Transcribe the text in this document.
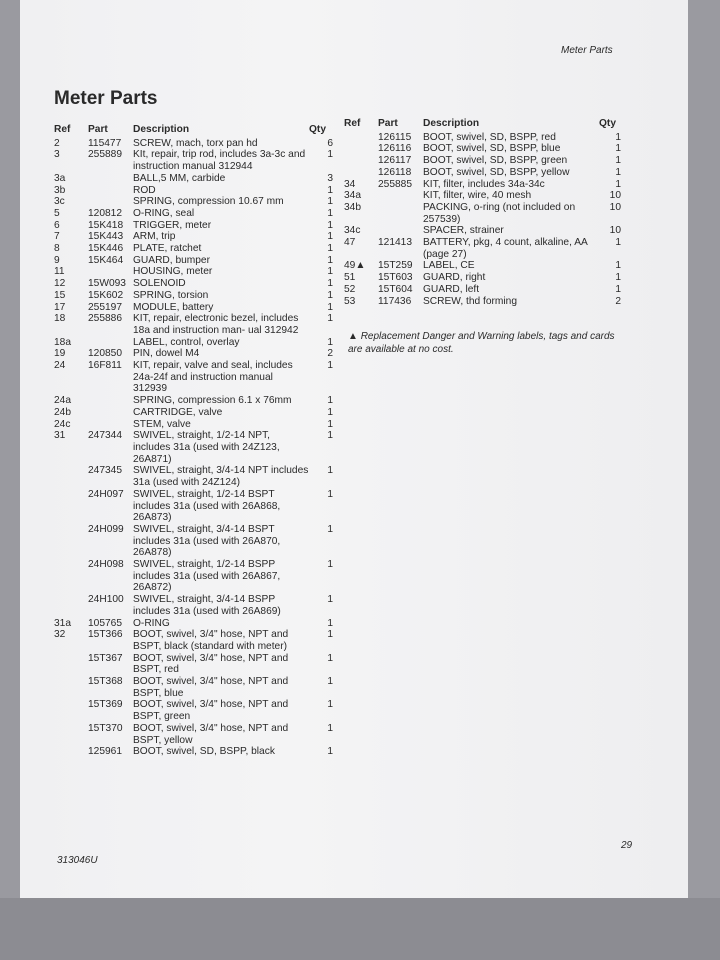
Meter Parts
Meter Parts
Ref	Part	Description	Qty
2	115477	SCREW, mach, torx pan hd	6
3	255889	KIt, repair, trip rod, includes 3a-3c and instruction manual 312944	1
3a		BALL,5 MM, carbide	3
3b		ROD	1
3c		SPRING, compression 10.67 mm	1
5	120812	O-RING, seal	1
6	15K418	TRIGGER, meter	1
7	15K443	ARM, trip	1
8	15K446	PLATE, ratchet	1
9	15K464	GUARD, bumper	1
11		HOUSING, meter	1
12	15W093	SOLENOID	1
15	15K602	SPRING, torsion	1
17	255197	MODULE, battery	1
18	255886	KIT, repair, electronic bezel, includes 18a and instruction man- ual 312942	1
18a		LABEL, control, overlay	1
19	120850	PIN, dowel M4	2
24	16F811	KIT, repair, valve and seal, includes 24a-24f and instruction manual 312939	1
24a		SPRING, compression 6.1 x 76mm	1
24b		CARTRIDGE, valve	1
24c		STEM, valve	1
31	247344	SWIVEL, straight, 1/2-14 NPT, includes 31a (used with 24Z123, 26A871)	1
	247345	SWIVEL, straight, 3/4-14 NPT includes 31a (used with 24Z124)	1
	24H097	SWIVEL, straight, 1/2-14 BSPT includes 31a (used with 26A868, 26A873)	1
	24H099	SWIVEL, straight, 3/4-14 BSPT includes 31a (used with 26A870, 26A878)	1
	24H098	SWIVEL, straight, 1/2-14 BSPP includes 31a (used with 26A867, 26A872)	1
	24H100	SWIVEL, straight, 3/4-14 BSPP includes 31a (used with 26A869)	1
31a	105765	O-RING	1
32	15T366	BOOT, swivel, 3/4" hose, NPT and BSPT, black (standard with meter)	1
	15T367	BOOT, swivel, 3/4" hose, NPT and BSPT, red	1
	15T368	BOOT, swivel, 3/4" hose, NPT and BSPT, blue	1
	15T369	BOOT, swivel, 3/4" hose, NPT and BSPT, green	1
	15T370	BOOT, swivel, 3/4" hose, NPT and BSPT, yellow	1
	125961	BOOT, swivel, SD, BSPP, black	1
Ref	Part	Description	Qty
	126115	BOOT, swivel, SD, BSPP, red	1
	126116	BOOT, swivel, SD, BSPP, blue	1
	126117	BOOT, swivel, SD, BSPP, green	1
	126118	BOOT, swivel, SD, BSPP, yellow	1
34	255885	KIT, filter, includes 34a-34c	1
34a		KIT, filter, wire, 40 mesh	10
34b		PACKING, o-ring (not included on 257539)	10
34c		SPACER, strainer	10
47	121413	BATTERY, pkg, 4 count, alkaline, AA (page 27)	1
49▲	15T259	LABEL, CE	1
51	15T603	GUARD, right	1
52	15T604	GUARD, left	1
53	117436	SCREW, thd forming	2
▲ Replacement Danger and Warning labels, tags and cards are available at no cost.
29
313046U
